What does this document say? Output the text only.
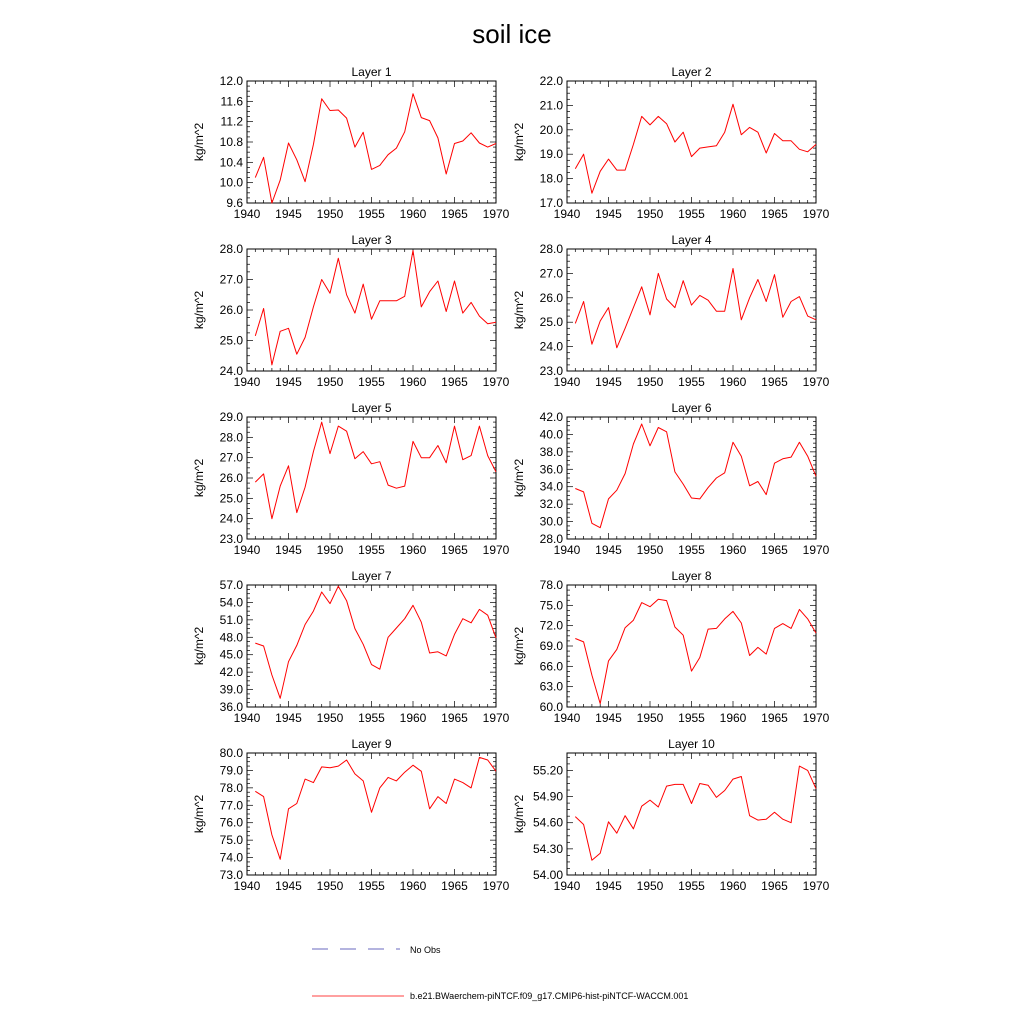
soil ice
Layer 1
1940 1945 1950 1955 1960 1965 1970
9.6
10.0
10.4
10.8
11.2
11.6
12.0
kg/m^2
Layer 2
1940 1945 1950 1955 1960 1965 1970
17.0
18.0
19.0
20.0
21.0
22.0
kg/m^2
Layer 3
1940 1945 1950 1955 1960 1965 1970
24.0
25.0
26.0
27.0
28.0
kg/m^2
Layer 4
1940 1945 1950 1955 1960 1965 1970
23.0
24.0
25.0
26.0
27.0
28.0
kg/m^2
Layer 5
1940 1945 1950 1955 1960 1965 1970
23.0
24.0
25.0
26.0
27.0
28.0
29.0
kg/m^2
Layer 6
1940 1945 1950 1955 1960 1965 1970
28.0
30.0
32.0
34.0
36.0
38.0
40.0
42.0
kg/m^2
Layer 7
1940 1945 1950 1955 1960 1965 1970
36.0
39.0
42.0
45.0
48.0
51.0
54.0
57.0
kg/m^2
Layer 8
1940 1945 1950 1955 1960 1965 1970
60.0
63.0
66.0
69.0
72.0
75.0
78.0
kg/m^2
Layer 9
1940 1945 1950 1955 1960 1965 1970
73.0
74.0
75.0
76.0
77.0
78.0
79.0
80.0
kg/m^2
Layer 10
1940 1945 1950 1955 1960 1965 1970
54.00
54.30
54.60
54.90
55.20
kg/m^2
No Obs
b.e21.BWaerchem-piNTCF.f09_g17.CMIP6-hist-piNTCF-WACCM.001
